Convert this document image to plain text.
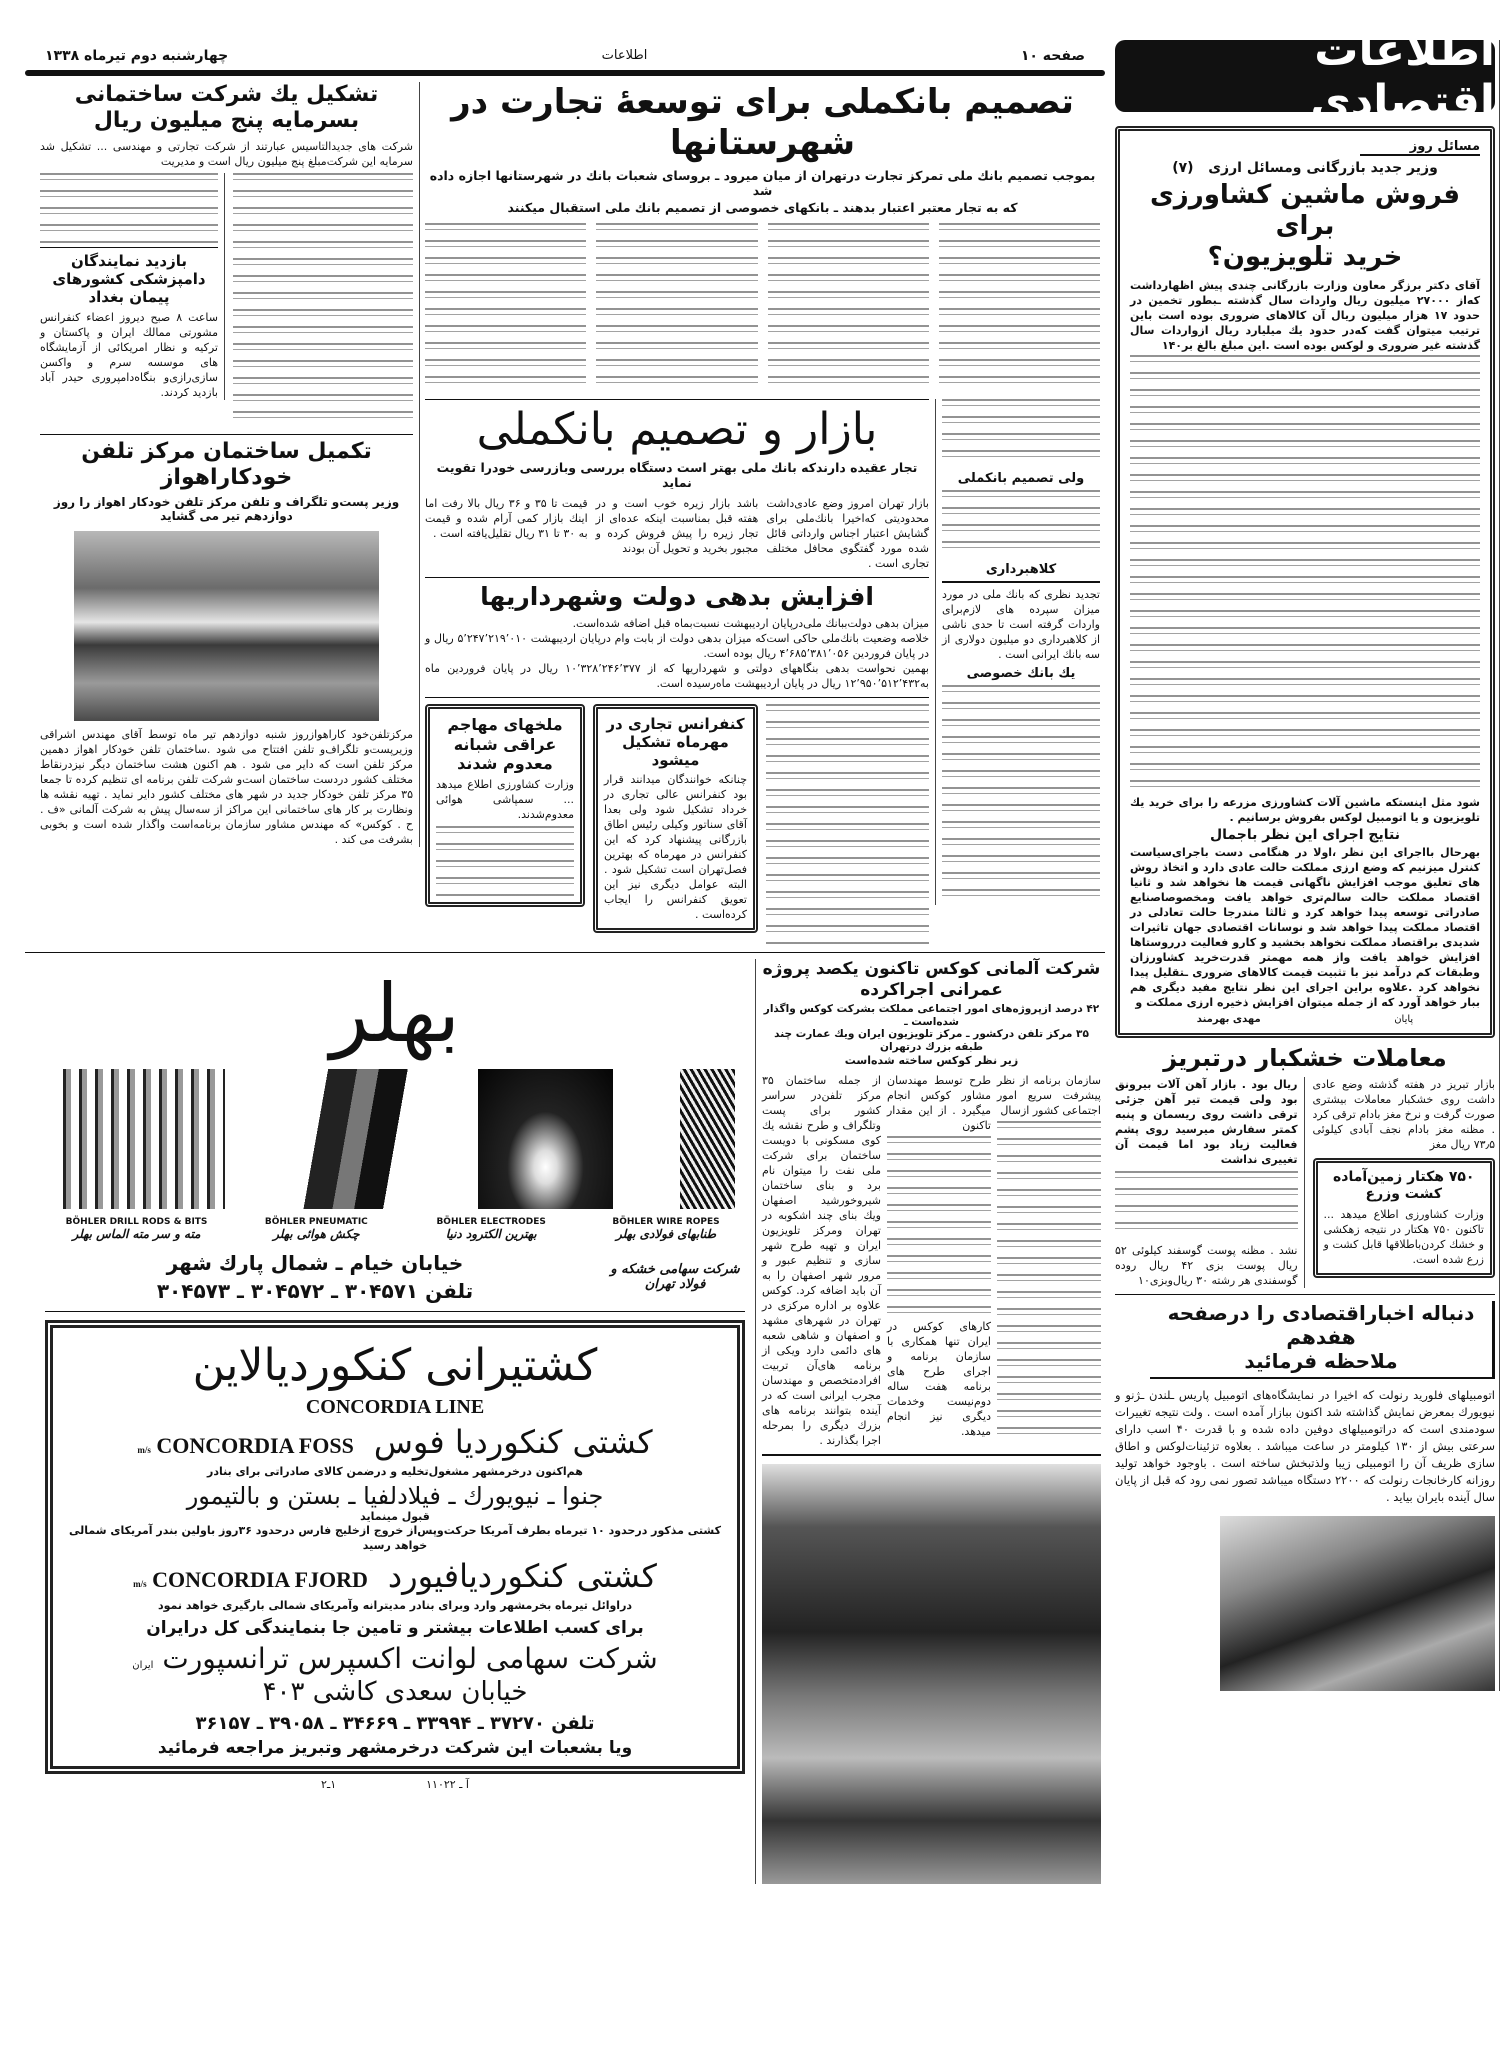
صفحه ۱۰
اطلاعات
چهارشنبه دوم تیرماه ۱۳۳۸
تصمیم بانکملی برای توسعهٔ تجارت در شهرستانها
بموجب تصمیم بانك ملی تمرکز تجارت درتهران از میان میرود ـ بروسای شعبات بانك در شهرستانها اجازه داده شد
که به تجار معتبر اعتبار بدهند ـ بانکهای خصوصی از تصمیم بانك ملی استقبال میکنند
ولی تصمیم بانکملی
کلاهبرداری
تجدید نظری که بانك ملی در مورد میزان سپرده های لازم‌برای واردات گرفته است تا حدی ناشی از کلاهبرداری دو میلیون دولاری از سه بانك ایرانی است .
یك بانك خصوصی
بازار و تصمیم بانکملی
تجار عقیده دارندکه بانك ملی بهتر است دستگاه بررسی وبازرسی خودرا تقویت نماید
بازار تهران امروز وضع عادی‌داشت محدودیتی که‌اخیرا بانك‌ملی برای گشایش اعتبار اجناس وارداتی قائل شده مورد گفتگوی محافل مختلف تجاری است .
باشد بازار زیره خوب است و در هفته قبل بمناسبت اینکه عده‌ای از تجار زیره را پیش فروش کرده و مجبور بخرید و تحویل آن بودند
قیمت تا ۳۵ و ۳۶ ریال بالا رفت اما اینك بازار کمی آرام شده و قیمت به ۳۰ تا ۳۱ ریال تقلیل‌یافته است .
افزایش بدهی دولت وشهرداریها
میزان بدهی دولت‌ببانك ملی‌درپایان اردیبهشت نسبت‌بماه قبل اضافه شده‌است.
خلاصه وضعیت بانك‌ملی حاکی است‌که میزان بدهی دولت از بابت وام درپایان اردیبهشت ۵٬۲۴۷٬۲۱۹٬۰۱۰ ریال و در پایان فروردین ۴٬۶۸۵٬۳۸۱٬۰۵۶ ریال بوده است.
بهمین نحواست بدهی بنگاههای دولتی و شهرداریها که از ۱۰٬۳۲۸٬۲۴۶٬۳۷۷ ریال در پایان فروردین ماه به۱۲٬۹۵۰٬۵۱۲٬۴۳۲ ریال در پایان اردیبهشت ماه‌رسیده است.
کنفرانس تجاری در مهرماه تشکیل میشود
چنانکه خوانندگان میدانند قرار بود کنفرانس عالی تجاری در خرداد تشکیل شود ولی بعدا آقای سناتور وکیلی رئیس اطاق بازرگانی پیشنهاد کرد که این کنفرانس در مهرماه که بهترین فصل‌تهران است تشکیل شود . البته عوامل دیگری نیز این تعویق کنفرانس را ایجاب کرده‌است .
ملخهای مهاجم عراقی شبانه معدوم شدند
وزارت کشاورزی اطلاع میدهد ... سمپاشی هوائی معدوم‌شدند.
تشکیل یك شرکت ساختمانی
بسرمایه پنج میلیون ریال
شرکت های جدیدالتاسیس عبارتند از شرکت تجارتی و مهندسی ... تشکیل شد سرمایه این شرکت‌مبلغ پنج میلیون ریال است و مدیریت
بازدید نمایندگان دامپزشکی کشورهای پیمان بغداد
ساعت ۸ صبح دیروز اعضاء کنفرانس مشورتی ممالك ایران و پاکستان و ترکیه و نظار امریکائی از آزمایشگاه های موسسه سرم و واکسن سازی‌رازی‌و بنگاه‌دامپروری حیدر آباد بازدید کردند.
تکمیل ساختمان مرکز تلفن خودکاراهواز
وزیر پست‌و تلگراف و تلفن مرکز تلفن خودکار اهواز را روز دوازدهم تیر می گشاید
مرکزتلفن‌خود کاراهوازروز شنبه دوازدهم تیر ماه توسط آقای مهندس اشراقی وزیرپست‌و تلگراف‌و تلفن افتتاح می شود .ساختمان تلفن خودکار اهواز دهمین مرکز تلفن است که دایر می شود . هم اکنون هشت ساختمان دیگر نیزدرنقاط مختلف کشور دردست ساختمان است‌و شرکت تلفن برنامه ای تنظیم کرده تا جمعا ۳۵ مرکز تلفن خودکار جدید در شهر های مختلف کشور دایر نماید . تهیه نقشه ها ونظارت بر کار های ساختمانی این مراکز از سه‌سال پیش به شرکت آلمانی «ف . ح . کوکس» که مهندس مشاور سازمان برنامه‌است واگذار شده است و بخوبی بشرفت می کند .
شرکت آلمانی کوکس تاکنون یکصد پروژه عمرانی اجراکرده
۴۲ درصد ازپروژه‌های امور اجتماعی مملکت بشرکت کوکس واگذار شده‌است ـ
۳۵ مرکز تلفن درکشور ـ مرکز تلویزیون ایران ویك عمارت چند طبقه بزرك درتهران
زیر نظر کوکس ساخته شده‌است
سازمان برنامه از نظر پیشرفت سریع امور اجتماعی کشور ازسال
طرح توسط مهندسان مشاور کوکس انجام میگیرد . از این مقدار تاکنون
کارهای کوکس در ایران تنها همکاری با سازمان برنامه و اجرای طرح های برنامه هفت ساله دوم‌نیست وخدمات دیگری نیز انجام میدهد.
از جمله ساختمان ۳۵ مرکز تلفن‌در سراسر کشور برای پست وتلگراف و طرح نقشه یك کوی مسکونی با دویست ساختمان برای شرکت ملی نفت را میتوان نام برد و بنای ساختمان شیروخورشید اصفهان ویك بنای چند اشکوبه در تهران ومرکز تلویزیون ایران و تهیه طرح شهر سازی و تنظیم عبور و مرور شهر اصفهان را به آن باید اضافه کرد. کوکس علاوه بر اداره مرکزی در تهران در شهرهای مشهد و اصفهان و شاهی شعبه های دائمی دارد ویکی از برنامه های‌آن تربیت افرادمتخصص و مهندسان مجرب ایرانی است که در آینده بتوانند برنامه های بزرك دیگری را بمرحله اجرا بگذارند .
بهلر
BÖHLER WIRE ROPES
طنابهای فولادی بهلر
BÖHLER ELECTRODES
بهترین الکترود دنیا
BÖHLER PNEUMATIC
چکش هوائی بهلر
BÖHLER DRILL RODS & BITS
مته و سر مته الماس بهلر
شرکت سهامی خشکه و فولاد تهران
خیابان خیام ـ شمال پارك شهر
تلفن ۳۰۴۵۷۱ ـ ۳۰۴۵۷۲ ـ ۳۰۴۵۷۳
کشتیرانی کنکوردیالاین
CONCORDIA LINE
کشتی کنکوردیا فوس
m/s CONCORDIA FOSS
هم‌اکنون درخرمشهر مشغول‌تخلیه و درضمن کالای صادراتی برای بنادر
جنوا ـ نیویورك ـ فیلادلفیا ـ بستن و بالتیمور
قبول مینماید
کشتی مذکور درحدود ۱۰ تیرماه بطرف آمریکا حرکت‌وپس‌از خروج ازخلیج فارس درحدود ۳۶روز باولین بندر آمریکای شمالی خواهد رسید
کشتی کنکوردیافیورد
m/s CONCORDIA FJORD
دراوائل تیرماه بخرمشهر وارد وبرای بنادر مدیترانه وآمریکای شمالی بارگیری خواهد نمود
برای کسب اطلاعات بیشتر و تامین جا بنمایندگی کل درایران
شرکت سهامی لوانت اکسپرس ترانسپورت ایران
خیابان سعدی کاشی ۴۰۳
تلفن ۳۷۲۷۰ ـ ۳۳۹۹۴ ـ ۳۴۶۶۹ ـ ۳۹۰۵۸ ـ ۳۶۱۵۷
ویا بشعبات این شرکت درخرمشهر وتبریز مراجعه فرمائید
آ ـ ۱۱۰۲۲
۱ـ۲
اطلاعات اقتصادی
مسائل روز
وزیر جدید بازرگانی ومسائل ارزی   (۷)
فروش ماشین کشاورزی برای
خرید تلویزیون؟
آقای دکتر برزگر معاون وزارت بازرگانی چندی پیش اظهارداشت که‌از ۲۷۰۰۰ میلیون ریال واردات سال گذشته ـبطور تخمین در حدود ۱۷ هزار میلیون ریال آن کالاهای ضروری بوده است باین ترتیب میتوان گفت که‌در حدود یك میلیارد ریال ازواردات سال گذشته غیر ضروری و لوکس بوده است .این مبلغ بالغ بر۱۴۰
شود مثل اینستکه ماشین آلات کشاورزی مزرعه را برای خرید یك تلویزیون و یا اتومبیل لوکس بفروش برسانیم .
نتایج اجرای این نظر باجمال
بهرحال بااجرای این نظر ،اولا در هنگامی دست باجرای‌سیاست کنترل میزنیم که وضع ارزی مملکت حالت عادی دارد و اتخاذ روش های تعلیق موجب افزایش ناگهانی قیمت ها نخواهد شد و ثانیا اقتصاد مملکت حالت سالم‌تری خواهد یافت ومخصوصاصنایع صادراتی توسعه پیدا خواهد کرد و ثالثا مندرجا حالت تعادلی در اقتصاد مملکت پیدا خواهد شد و نوسانات اقتصادی جهان تاثیرات شدیدی براقتصاد مملکت نخواهد بخشید و کارو فعالیت درروستاها افزایش خواهد یافت واز همه مهمتر قدرت‌خرید کشاورزان وطبقات کم درآمد نیز با تثبیت قیمت کالاهای ضروری ـتقلیل پیدا نخواهد کرد .علاوه براین اجرای این نظر نتایج مفید دیگری هم ببار خواهد آورد که از جمله میتوان افزایش ذخیره ارزی مملکت و
پایان
مهدی بهرمند
معاملات خشکبار درتبریز
بازار تبریز در هفته گذشته وضع عادی داشت روی خشکبار معاملات بیشتری صورت گرفت و نرخ مغز بادام ترقی کرد . مظنه مغز بادام نجف آبادی کیلوئی ۷۳٫۵ ریال مغز
۷۵۰ هکتار زمین‌آماده کشت وزرع
وزارت کشاورزی اطلاع میدهد ... تاکنون ۷۵۰ هکتار در نتیجه زهکشی و خشك کردن‌باطلاقها قابل کشت و زرع شده است.
ریال بود . بازار آهن آلات بیرونق بود ولی قیمت تیر آهن جزئی ترقی داشت روی ریسمان و پنبه کمتر سفارش میرسید روی پشم فعالیت زیاد بود اما قیمت آن تغییری نداشت
نشد . مظنه پوست گوسفند کیلوئی ۵۲ ریال پوست بزی ۴۲ ریال روده گوسفندی هر رشته ۳۰ ریال‌وبزی۱۰
دنباله اخباراقتصادی را درصفحه هفدهم
ملاحظه فرمائید
اتومبیلهای فلورید رنولت که اخیرا در نمایشگاه‌های اتومبیل پاریس ـلندن ـژنو و نیویورك بمعرض نمایش گذاشته شد اکنون ببازار آمده است . ولت نتیجه تغییرات سودمندی است که دراتومبیلهای دوفین داده شده و با قدرت ۴۰ اسب دارای سرعتی بیش از ۱۳۰ کیلومتر در ساعت میباشد . بعلاوه تزئینات‌لوکس و اطاق سازی ظریف آن را اتومبیلی زیبا ولذتبخش ساخته است . باوجود خواهد تولید روزانه کارخانجات رنولت که ۲۲۰۰ دستگاه میباشد تصور نمی رود که قبل از پایان سال آینده بایران بیاید .
